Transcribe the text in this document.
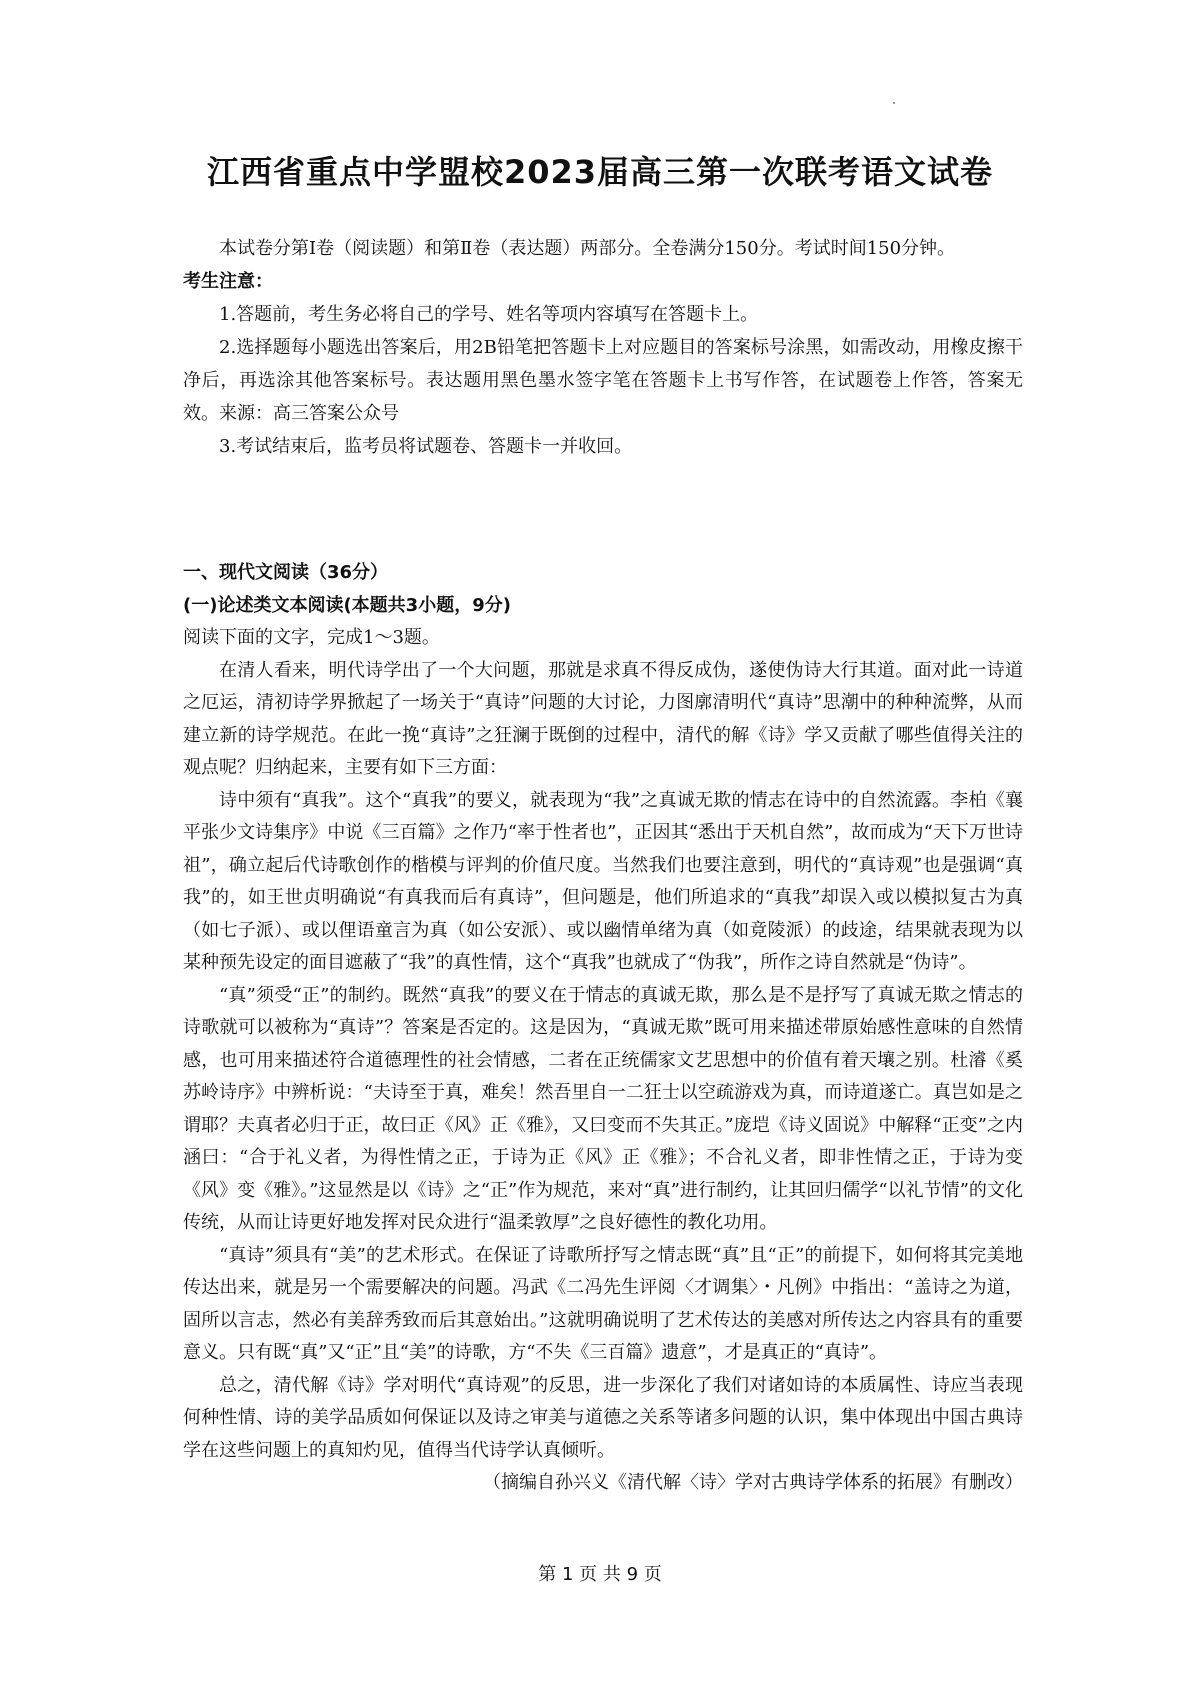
江西省重点中学盟校2023届高三第一次联考语文试卷

本试卷分第Ⅰ卷（阅读题）和第Ⅱ卷（表达题）两部分。全卷满分150分。考试时间150分钟。

考生注意：

1.答题前，考生务必将自己的学号、姓名等项内容填写在答题卡上。

2.选择题每小题选出答案后，用2B铅笔把答题卡上对应题目的答案标号涂黑，如需改动，用橡皮擦干净后，再选涂其他答案标号。表达题用黑色墨水签字笔在答题卡上书写作答，在试题卷上作答，答案无效。来源：高三答案公众号

3.考试结束后，监考员将试题卷、答题卡一并收回。

一、现代文阅读（36分）

(一)论述类文本阅读(本题共3小题，9分)

阅读下面的文字，完成1～3题。

在清人看来，明代诗学出了一个大问题，那就是求真不得反成伪，遂使伪诗大行其道。面对此一诗道之厄运，清初诗学界掀起了一场关于“真诗”问题的大讨论，力图廓清明代“真诗”思潮中的种种流弊，从而建立新的诗学规范。在此一挽“真诗”之狂澜于既倒的过程中，清代的解《诗》学又贡献了哪些值得关注的观点呢？归纳起来，主要有如下三方面：

诗中须有“真我”。这个“真我”的要义，就表现为“我”之真诚无欺的情志在诗中的自然流露。李柏《襄平张少文诗集序》中说《三百篇》之作乃“率于性者也”，正因其“悉出于天机自然”，故而成为“天下万世诗祖”，确立起后代诗歌创作的楷模与评判的价值尺度。当然我们也要注意到，明代的“真诗观”也是强调“真我”的，如王世贞明确说“有真我而后有真诗”，但问题是，他们所追求的“真我”却误入或以模拟复古为真（如七子派）、或以俚语童言为真（如公安派）、或以幽情单绪为真（如竟陵派）的歧途，结果就表现为以某种预先设定的面目遮蔽了“我”的真性情，这个“真我”也就成了“伪我”，所作之诗自然就是“伪诗”。

“真”须受“正”的制约。既然“真我”的要义在于情志的真诚无欺，那么是不是抒写了真诚无欺之情志的诗歌就可以被称为“真诗”？答案是否定的。这是因为，“真诚无欺”既可用来描述带原始感性意味的自然情感，也可用来描述符合道德理性的社会情感，二者在正统儒家文艺思想中的价值有着天壤之别。杜濬《奚苏岭诗序》中辨析说：“夫诗至于真，难矣！然吾里自一二狂士以空疏游戏为真，而诗道遂亡。真岂如是之谓耶？夫真者必归于正，故曰正《风》正《雅》，又曰变而不失其正。”庞垲《诗义固说》中解释“正变”之内涵曰：“合于礼义者，为得性情之正，于诗为正《风》正《雅》；不合礼义者，即非性情之正，于诗为变《风》变《雅》。”这显然是以《诗》之“正”作为规范，来对“真”进行制约，让其回归儒学“以礼节情”的文化传统，从而让诗更好地发挥对民众进行“温柔敦厚”之良好德性的教化功用。

“真诗”须具有“美”的艺术形式。在保证了诗歌所抒写之情志既“真”且“正”的前提下，如何将其完美地传达出来，就是另一个需要解决的问题。冯武《二冯先生评阅〈才调集〉・凡例》中指出：“盖诗之为道，固所以言志，然必有美辞秀致而后其意始出。”这就明确说明了艺术传达的美感对所传达之内容具有的重要意义。只有既“真”又“正”且“美”的诗歌，方“不失《三百篇》遗意”，才是真正的“真诗”。

总之，清代解《诗》学对明代“真诗观”的反思，进一步深化了我们对诸如诗的本质属性、诗应当表现何种性情、诗的美学品质如何保证以及诗之审美与道德之关系等诸多问题的认识，集中体现出中国古典诗学在这些问题上的真知灼见，值得当代诗学认真倾听。

（摘编自孙兴义《清代解〈诗〉学对古典诗学体系的拓展》有删改）

第 1 页 共 9 页
